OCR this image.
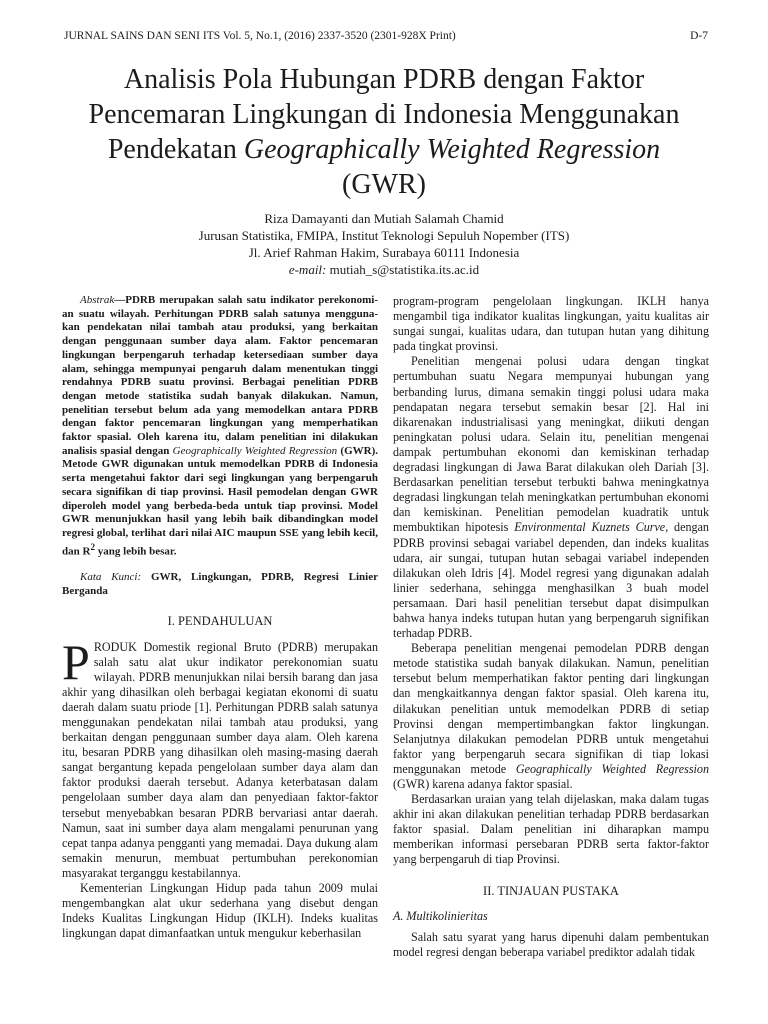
JURNAL SAINS DAN SENI ITS Vol. 5, No.1, (2016) 2337-3520 (2301-928X Print)	D-7
Analisis Pola Hubungan PDRB dengan Faktor
Pencemaran Lingkungan di Indonesia Menggunakan
Pendekatan Geographically Weighted Regression
(GWR)
Riza Damayanti dan Mutiah Salamah Chamid
Jurusan Statistika, FMIPA, Institut Teknologi Sepuluh Nopember (ITS)
Jl. Arief Rahman Hakim, Surabaya 60111 Indonesia
e-mail: mutiah_s@statistika.its.ac.id

Abstrak—PDRB merupakan salah satu indikator perekonomi-an suatu wilayah. Perhitungan PDRB salah satunya mengguna-kan pendekatan nilai tambah atau produksi, yang berkaitan dengan penggunaan sumber daya alam. Faktor pencemaran lingkungan berpengaruh terhadap ketersediaan sumber daya alam, sehingga mempunyai pengaruh dalam menentukan tinggi rendahnya PDRB suatu provinsi. Berbagai penelitian PDRB dengan metode statistika sudah banyak dilakukan. Namun, penelitian tersebut belum ada yang memodelkan antara PDRB dengan faktor pencemaran lingkungan yang memperhatikan faktor spasial. Oleh karena itu, dalam penelitian ini dilakukan analisis spasial dengan Geographically Weighted Regression (GWR). Metode GWR digunakan untuk memodelkan PDRB di Indonesia serta mengetahui faktor dari segi lingkungan yang berpengaruh secara signifikan di tiap provinsi. Hasil pemodelan dengan GWR diperoleh model yang berbeda-beda untuk tiap provinsi. Model GWR menunjukkan hasil yang lebih baik dibandingkan model regresi global, terlihat dari nilai AIC maupun SSE yang lebih kecil, dan $R^2$ yang lebih besar.

Kata Kunci: GWR, Lingkungan, PDRB, Regresi Linier Berganda

I. PENDAHULUAN

PRODUK Domestik regional Bruto (PDRB) merupakan salah satu alat ukur indikator perekonomian suatu wilayah. PDRB menunjukkan nilai bersih barang dan jasa akhir yang dihasilkan oleh berbagai kegiatan ekonomi di suatu daerah dalam suatu priode [1]. Perhitungan PDRB salah satunya menggunakan pendekatan nilai tambah atau produksi, yang berkaitan dengan penggunaan sumber daya alam. Oleh karena itu, besaran PDRB yang dihasilkan oleh masing-masing daerah sangat bergantung kepada pengelolaan sumber daya alam dan faktor produksi daerah tersebut. Adanya keterbatasan dalam pengelolaan sumber daya alam dan penyediaan faktor-faktor tersebut menyebabkan besaran PDRB bervariasi antar daerah. Namun, saat ini sumber daya alam mengalami penurunan yang cepat tanpa adanya pengganti yang memadai. Daya dukung alam semakin menurun, membuat pertumbuhan perekonomian masyarakat terganggu kestabilannya.

Kementerian Lingkungan Hidup pada tahun 2009 mulai mengembangkan alat ukur sederhana yang disebut dengan Indeks Kualitas Lingkungan Hidup (IKLH). Indeks kualitas lingkungan dapat dimanfaatkan untuk mengukur keberhasilan

program-program pengelolaan lingkungan. IKLH hanya mengambil tiga indikator kualitas lingkungan, yaitu kualitas air sungai sungai, kualitas udara, dan tutupan hutan yang dihitung pada tingkat provinsi.

Penelitian mengenai polusi udara dengan tingkat pertumbuhan suatu Negara mempunyai hubungan yang berbanding lurus, dimana semakin tinggi polusi udara maka pendapatan negara tersebut semakin besar [2]. Hal ini dikarenakan industrialisasi yang meningkat, diikuti dengan peningkatan polusi udara. Selain itu, penelitian mengenai dampak pertumbuhan ekonomi dan kemiskinan terhadap degradasi lingkungan di Jawa Barat dilakukan oleh Dariah [3]. Berdasarkan penelitian tersebut terbukti bahwa meningkatnya degradasi lingkungan telah meningkatkan pertumbuhan ekonomi dan kemiskinan. Penelitian pemodelan kuadratik untuk membuktikan hipotesis Environmental Kuznets Curve, dengan PDRB provinsi sebagai variabel dependen, dan indeks kualitas udara, air sungai, tutupan hutan sebagai variabel independen dilakukan oleh Idris [4]. Model regresi yang digunakan adalah linier sederhana, sehingga menghasilkan 3 buah model persamaan. Dari hasil penelitian tersebut dapat disimpulkan bahwa hanya indeks tutupan hutan yang berpengaruh signifikan terhadap PDRB.

Beberapa penelitian mengenai pemodelan PDRB dengan metode statistika sudah banyak dilakukan. Namun, penelitian tersebut belum memperhatikan faktor penting dari lingkungan dan mengkaitkannya dengan faktor spasial. Oleh karena itu, dilakukan penelitian untuk memodelkan PDRB di setiap Provinsi dengan mempertimbangkan faktor lingkungan. Selanjutnya dilakukan pemodelan PDRB untuk mengetahui faktor yang berpengaruh secara signifikan di tiap lokasi menggunakan metode Geographically Weighted Regression (GWR) karena adanya faktor spasial.

Berdasarkan uraian yang telah dijelaskan, maka dalam tugas akhir ini akan dilakukan penelitian terhadap PDRB berdasarkan faktor spasial. Dalam penelitian ini diharapkan mampu memberikan informasi persebaran PDRB serta faktor-faktor yang berpengaruh di tiap Provinsi.

II. TINJAUAN PUSTAKA

A. Multikolinieritas

Salah satu syarat yang harus dipenuhi dalam pembentukan model regresi dengan beberapa variabel prediktor adalah tidak
